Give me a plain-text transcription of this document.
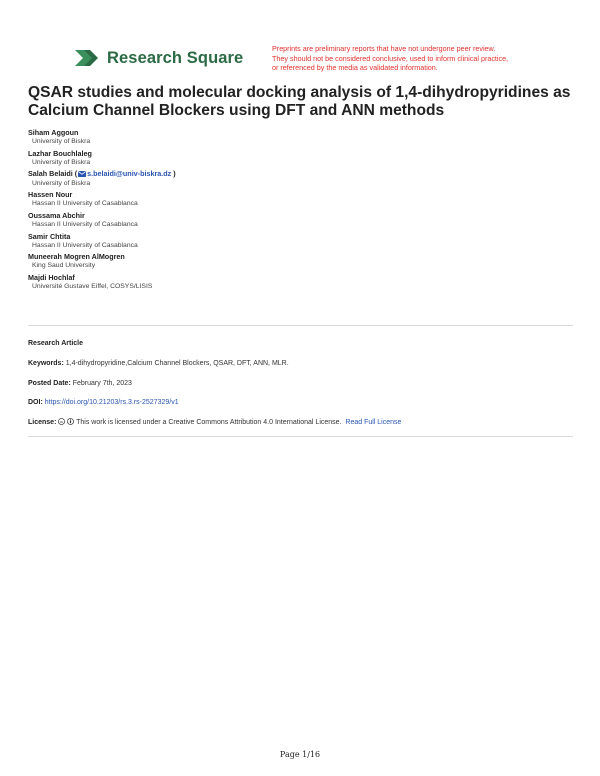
Research Square	Preprints are preliminary reports that have not undergone peer review.
They should not be considered conclusive, used to inform clinical practice,
or referenced by the media as validated information.
QSAR studies and molecular docking analysis of 1,4-dihydropyridines as Calcium Channel Blockers using DFT and ANN methods
Siham Aggoun
University of Biskra
Lazhar Bouchlaleg
University of Biskra
Salah Belaidi ( s.belaidi@univ-biskra.dz )
University of Biskra
Hassen Nour
Hassan II University of Casablanca
Oussama Abchir
Hassan II University of Casablanca
Samir Chtita
Hassan II University of Casablanca
Muneerah Mogren AlMogren
King Saud University
Majdi Hochlaf
Université Gustave Eiffel, COSYS/LISIS
Research Article
Keywords: 1,4-dihydropyridine,Calcium Channel Blockers, QSAR, DFT, ANN, MLR.
Posted Date: February 7th, 2023
DOI: https://doi.org/10.21203/rs.3.rs-2527329/v1
License: cc This work is licensed under a Creative Commons Attribution 4.0 International License. Read Full License
Page 1/16
